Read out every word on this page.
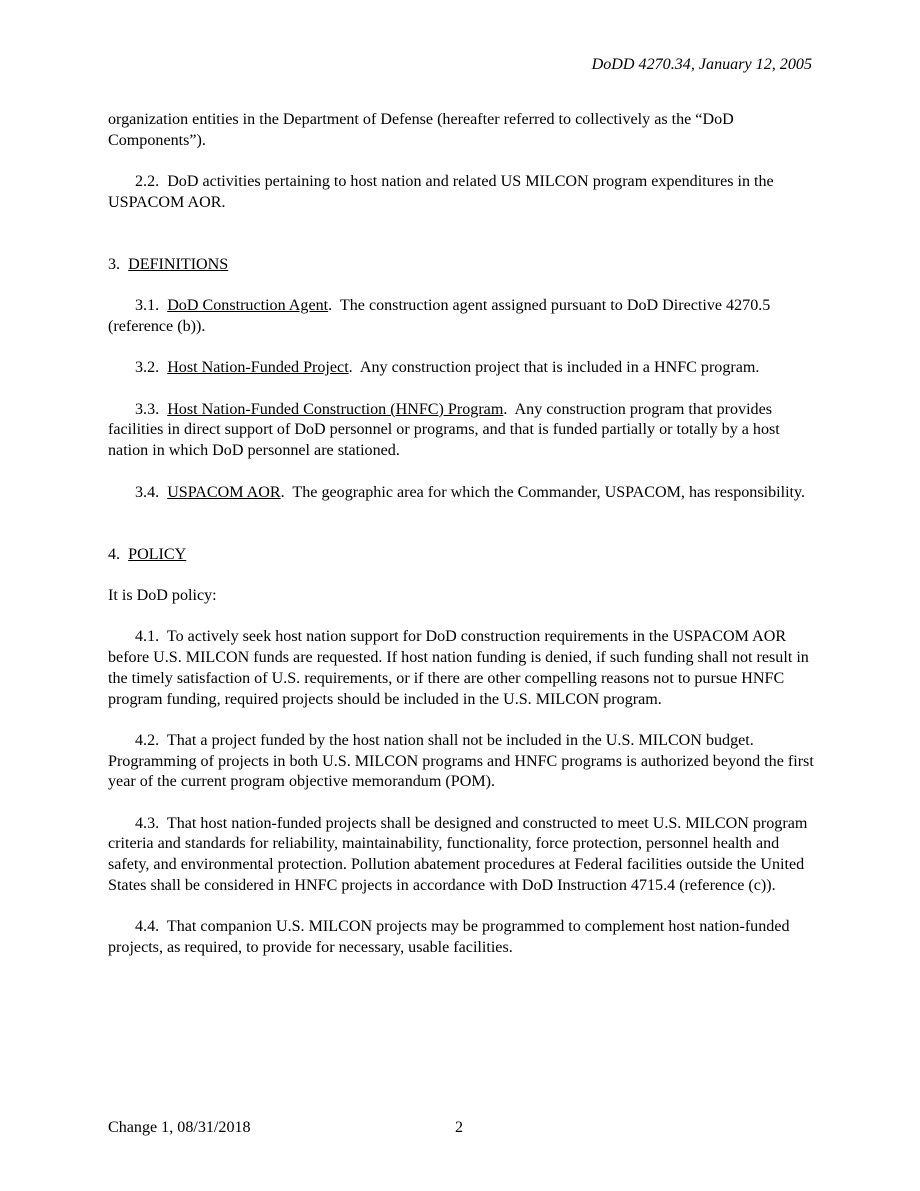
DoDD 4270.34, January 12, 2005

organization entities in the Department of Defense (hereafter referred to collectively as the “DoD Components”).

2.2. DoD activities pertaining to host nation and related US MILCON program expenditures in the USPACOM AOR.

3. DEFINITIONS

3.1. DoD Construction Agent.  The construction agent assigned pursuant to DoD Directive 4270.5 (reference (b)).

3.2. Host Nation-Funded Project.  Any construction project that is included in a HNFC program.

3.3. Host Nation-Funded Construction (HNFC) Program.  Any construction program that provides facilities in direct support of DoD personnel or programs, and that is funded partially or totally by a host nation in which DoD personnel are stationed.

3.4. USPACOM AOR.  The geographic area for which the Commander, USPACOM, has responsibility.

4. POLICY

It is DoD policy:

4.1. To actively seek host nation support for DoD construction requirements in the USPACOM AOR before U.S. MILCON funds are requested. If host nation funding is denied, if such funding shall not result in the timely satisfaction of U.S. requirements, or if there are other compelling reasons not to pursue HNFC program funding, required projects should be included in the U.S. MILCON program.

4.2. That a project funded by the host nation shall not be included in the U.S. MILCON budget. Programming of projects in both U.S. MILCON programs and HNFC programs is authorized beyond the first year of the current program objective memorandum (POM).

4.3. That host nation-funded projects shall be designed and constructed to meet U.S. MILCON program criteria and standards for reliability, maintainability, functionality, force protection, personnel health and safety, and environmental protection. Pollution abatement procedures at Federal facilities outside the United States shall be considered in HNFC projects in accordance with DoD Instruction 4715.4 (reference (c)).

4.4. That companion U.S. MILCON projects may be programmed to complement host nation-funded projects, as required, to provide for necessary, usable facilities.

Change 1, 08/31/2018	2
